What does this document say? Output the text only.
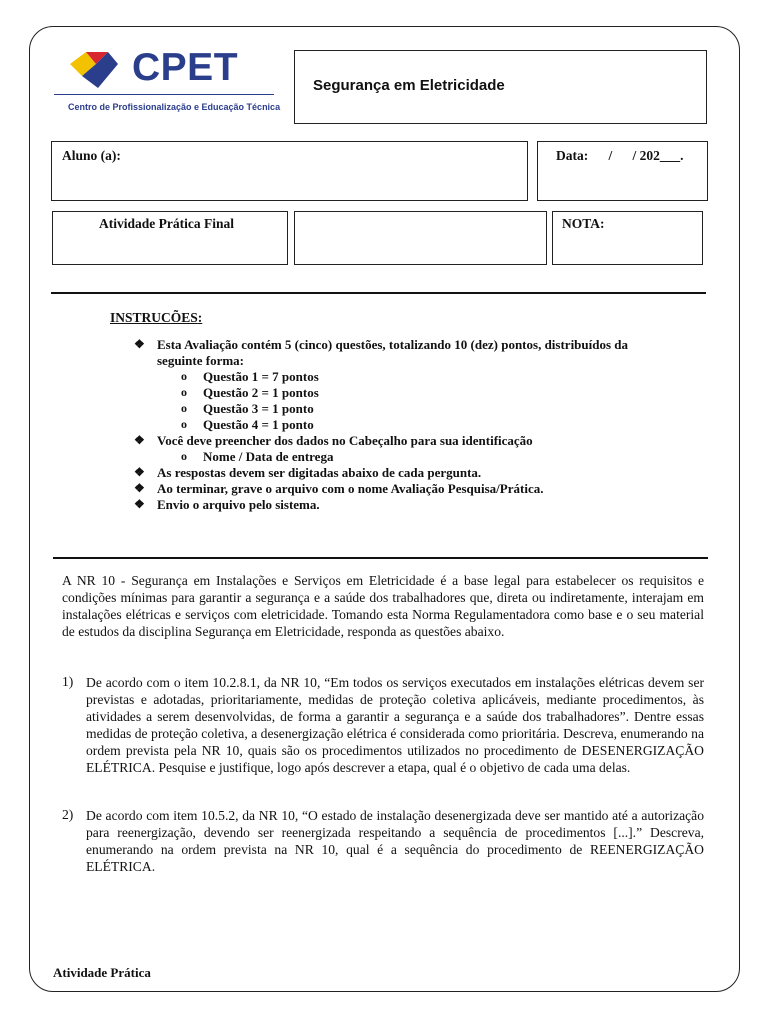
CPET
Centro de Profissionalização e Educação Técnica
Segurança em Eletricidade
Aluno (a):	Data:      /      / 202___.
Atividade Prática Final	NOTA:
INSTRUCÕES:
❖ Esta Avaliação contém 5 (cinco) questões, totalizando 10 (dez) pontos, distribuídos da
seguinte forma:
o Questão 1 = 7 pontos
o Questão 2 = 1 pontos
o Questão 3 = 1 ponto
o Questão 4 = 1 ponto
❖ Você deve preencher dos dados no Cabeçalho para sua identificação
o Nome / Data de entrega
❖ As respostas devem ser digitadas abaixo de cada pergunta.
❖ Ao terminar, grave o arquivo com o nome Avaliação Pesquisa/Prática.
❖ Envio o arquivo pelo sistema.
A NR 10 - Segurança em Instalações e Serviços em Eletricidade é a base legal para estabelecer os requisitos e condições mínimas para garantir a segurança e a saúde dos trabalhadores que, direta ou indiretamente, interajam em instalações elétricas e serviços com eletricidade. Tomando esta Norma Regulamentadora como base e o seu material de estudos da disciplina Segurança em Eletricidade, responda as questões abaixo.
1) De acordo com o item 10.2.8.1, da NR 10, “Em todos os serviços executados em instalações elétricas devem ser previstas e adotadas, prioritariamente, medidas de proteção coletiva aplicáveis, mediante procedimentos, às atividades a serem desenvolvidas, de forma a garantir a segurança e a saúde dos trabalhadores”. Dentre essas medidas de proteção coletiva, a desenergização elétrica é considerada como prioritária. Descreva, enumerando na ordem prevista pela NR 10, quais são os procedimentos utilizados no procedimento de DESENERGIZAÇÃO ELÉTRICA. Pesquise e justifique, logo após descrever a etapa, qual é o objetivo de cada uma delas.
2) De acordo com item 10.5.2, da NR 10, “O estado de instalação desenergizada deve ser mantido até a autorização para reenergização, devendo ser reenergizada respeitando a sequência de procedimentos [...].” Descreva, enumerando na ordem prevista na NR 10, qual é a sequência do procedimento de REENERGIZAÇÃO ELÉTRICA.
Atividade Prática
